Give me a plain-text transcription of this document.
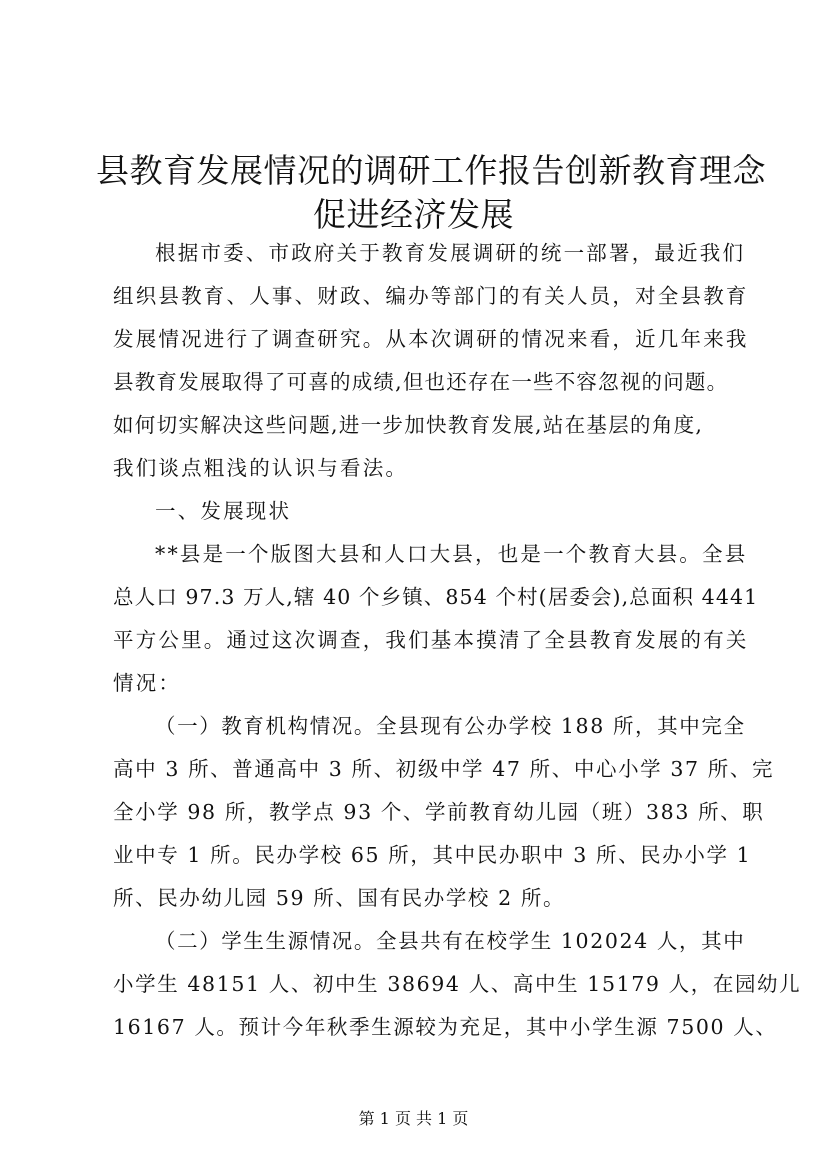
县教育发展情况的调研工作报告创新教育理念
促进经济发展
根据市委、市政府关于教育发展调研的统一部署，最近我们
组织县教育、人事、财政、编办等部门的有关人员，对全县教育
发展情况进行了调查研究。从本次调研的情况来看，近几年来我
县教育发展取得了可喜的成绩,但也还存在一些不容忽视的问题。
如何切实解决这些问题,进一步加快教育发展,站在基层的角度,
我们谈点粗浅的认识与看法。
一、发展现状
**县是一个版图大县和人口大县，也是一个教育大县。全县
总人口 97.3 万人,辖 40 个乡镇、854 个村(居委会),总面积 4441
平方公里。通过这次调查，我们基本摸清了全县教育发展的有关
情况：
（一）教育机构情况。全县现有公办学校 188 所，其中完全
高中 3 所、普通高中 3 所、初级中学 47 所、中心小学 37 所、完
全小学 98 所，教学点 93 个、学前教育幼儿园（班）383 所、职
业中专 1 所。民办学校 65 所，其中民办职中 3 所、民办小学 1
所、民办幼儿园 59 所、国有民办学校 2 所。
（二）学生生源情况。全县共有在校学生 102024 人，其中
小学生 48151 人、初中生 38694 人、高中生 15179 人，在园幼儿
16167 人。预计今年秋季生源较为充足，其中小学生源 7500 人、
第 1 页 共 1 页
